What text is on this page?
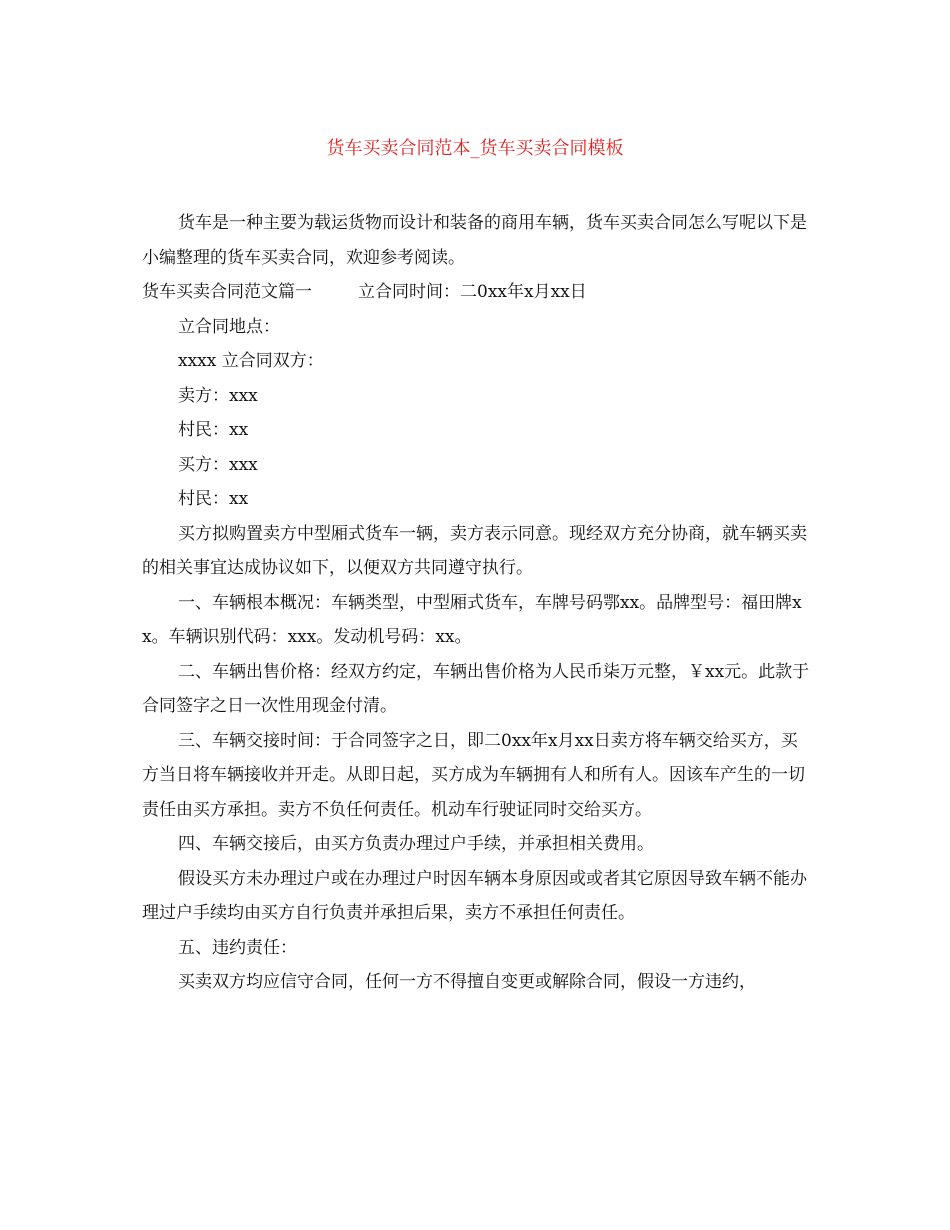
货车买卖合同范本_货车买卖合同模板

货车是一种主要为载运货物而设计和装备的商用车辆，货车买卖合同怎么写呢以下是小编整理的货车买卖合同，欢迎参考阅读。

货车买卖合同范文篇一	立合同时间：二0xx年x月xx日

立合同地点：

xxxx 立合同双方：

卖方：xxx

村民：xx

买方：xxx

村民：xx

买方拟购置卖方中型厢式货车一辆，卖方表示同意。现经双方充分协商，就车辆买卖的相关事宜达成协议如下，以便双方共同遵守执行。

一、车辆根本概况：车辆类型，中型厢式货车，车牌号码鄂xx。品牌型号：福田牌xx。车辆识别代码：xxx。发动机号码：xx。

二、车辆出售价格：经双方约定，车辆出售价格为人民币柒万元整，￥xx元。此款于合同签字之日一次性用现金付清。

三、车辆交接时间：于合同签字之日，即二0xx年x月xx日卖方将车辆交给买方，买方当日将车辆接收并开走。从即日起，买方成为车辆拥有人和所有人。因该车产生的一切责任由买方承担。卖方不负任何责任。机动车行驶证同时交给买方。

四、车辆交接后，由买方负责办理过户手续，并承担相关费用。

假设买方未办理过户或在办理过户时因车辆本身原因或或者其它原因导致车辆不能办理过户手续均由买方自行负责并承担后果，卖方不承担任何责任。

五、违约责任：

买卖双方均应信守合同，任何一方不得擅自变更或解除合同，假设一方违约，
